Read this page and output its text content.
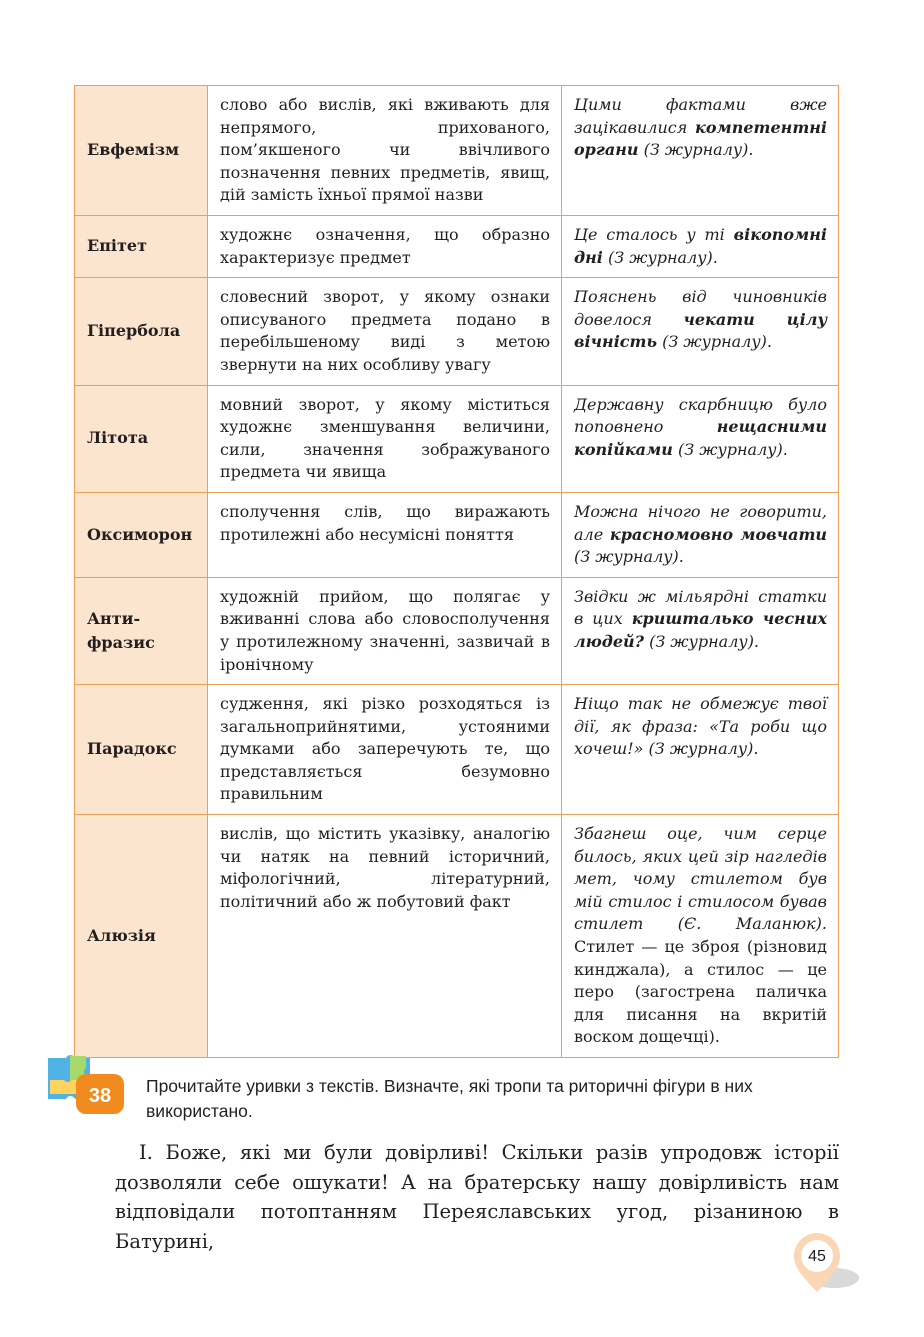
Евфемізм	слово або вислів, які вживають для непрямого, прихованого, пом’якшеного чи ввічливого позначення певних предметів, явищ, дій замість їхньої прямої назви	Цими фактами вже зацікавилися компетентні органи (З журналу).
Епітет	художнє означення, що образно характеризує предмет	Це сталось у ті вікопомні дні (З журналу).
Гіпербола	словесний зворот, у якому ознаки описуваного предмета подано в перебільшеному виді з метою звернути на них особливу увагу	Пояснень від чиновників довелося чекати цілу вічність (З журналу).
Літота	мовний зворот, у якому міститься художнє зменшування величини, сили, значення зображуваного предмета чи явища	Державну скарбницю було поповнено нещасними копійками (З журналу).
Оксиморон	сполучення слів, що виражають протилежні або несумісні поняття	Можна нічого не говорити, але красномовно мовчати (З журналу).
Анти-фразис	художній прийом, що полягає у вживанні слова або словосполучення у протилежному значенні, зазвичай в іронічному	Звідки ж мільярдні статки в цих кришталько чесних людей? (З журналу).
Парадокс	судження, які різко розходяться із загальноприйнятими, устояними думками або заперечують те, що представляється безумовно правильним	Ніщо так не обмежує твої дії, як фраза: «Та роби що хочеш!» (З журналу).
Алюзія	вислів, що містить указівку, аналогію чи натяк на певний історичний, міфологічний, літературний, політичний або ж побутовий факт	Збагнеш оце, чим серце билось, яких цей зір нагледів мет, чому стилетом був мій стилос і стилосом бував стилет (Є. Маланюк). Стилет — це зброя (різновид кинджала), а стилос — це перо (загострена паличка для писання на вкритій воском дощечці).
38 Прочитайте уривки з текстів. Визначте, які тропи та риторичні фігури в них використано.
I. Боже, які ми були довірливі! Скільки разів упродовж історії дозволяли себе ошукати! А на братерську нашу довірливість нам відповідали потоптанням Переяславських угод, різаниною в Батурині,
45
